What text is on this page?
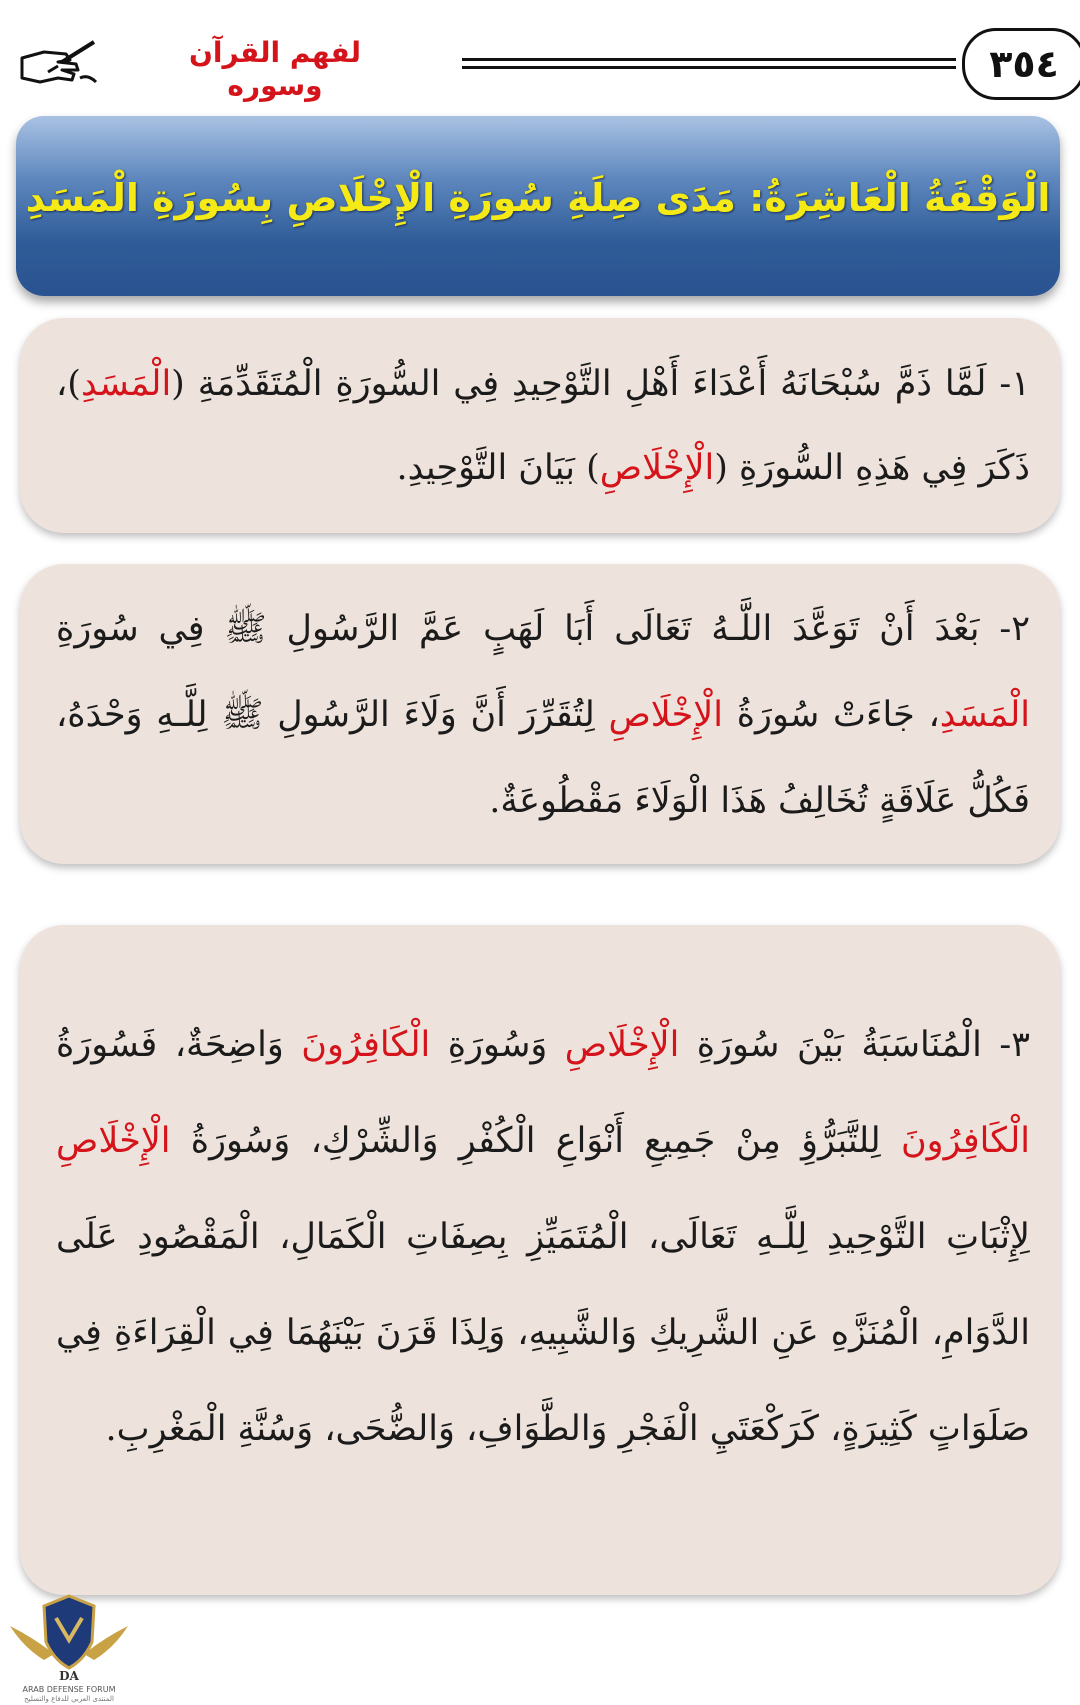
٣٥٤
لفهم القرآن وسوره
الْوَقْفَةُ الْعَاشِرَةُ: مَدَى صِلَةِ سُورَةِ الْإِخْلَاصِ بِسُورَةِ الْمَسَدِ
١- لَمَّا ذَمَّ سُبْحَانَهُ أَعْدَاءَ أَهْلِ التَّوْحِيدِ فِي السُّورَةِ الْمُتَقَدِّمَةِ (الْمَسَدِ)، ذَكَرَ فِي هَذِهِ السُّورَةِ (الْإِخْلَاصِ) بَيَانَ التَّوْحِيدِ.
٢- بَعْدَ أَنْ تَوَعَّدَ اللَّـهُ تَعَالَى أَبَا لَهَبٍ عَمَّ الرَّسُولِ ﷺ فِي سُورَةِ الْمَسَدِ، جَاءَتْ سُورَةُ الْإِخْلَاصِ لِتُقَرِّرَ أَنَّ وَلَاءَ الرَّسُولِ ﷺ لِلَّـهِ وَحْدَهُ، فَكُلُّ عَلَاقَةٍ تُخَالِفُ هَذَا الْوَلَاءَ مَقْطُوعَةٌ.
٣- الْمُنَاسَبَةُ بَيْنَ سُورَةِ الْإِخْلَاصِ وَسُورَةِ الْكَافِرُونَ وَاضِحَةٌ، فَسُورَةُ الْكَافِرُونَ لِلتَّبَرُّؤِ مِنْ جَمِيعِ أَنْوَاعِ الْكُفْرِ وَالشِّرْكِ، وَسُورَةُ الْإِخْلَاصِ لِإِثْبَاتِ التَّوْحِيدِ لِلَّـهِ تَعَالَى، الْمُتَمَيِّزِ بِصِفَاتِ الْكَمَالِ، الْمَقْصُودِ عَلَى الدَّوَامِ، الْمُنَزَّهِ عَنِ الشَّرِيكِ وَالشَّبِيهِ، وَلِذَا قَرَنَ بَيْنَهُمَا فِي الْقِرَاءَةِ فِي صَلَوَاتٍ كَثِيرَةٍ، كَرَكْعَتَيِ الْفَجْرِ وَالطَّوَافِ، وَالضُّحَى، وَسُنَّةِ الْمَغْرِبِ.
DA
ARAB DEFENSE FORUM
المنتدى العربي للدفاع والتسليح
